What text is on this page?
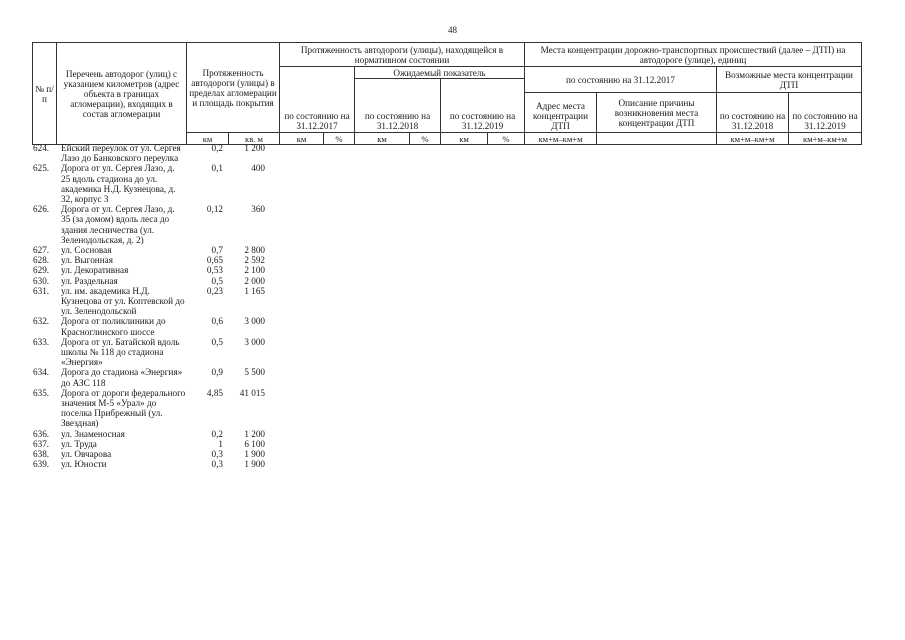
48
№ п/п	Перечень автодорог (улиц) с указанием километров (адрес объекта в границах агломерации), входящих в состав агломерации	Протяженность автодороги (улицы) в пределах агломерации и площадь покрытия		Протяженность автодороги (улицы), находящейся в нормативном состоянии						Места концентрации дорожно-транспортных происшествий (далее – ДТП) на автодороге (улице), единиц			
				по состоянию на 31.12.2017		Ожидаемый показатель				по состоянию на 31.12.2017		Возможные места концентрации ДТП	
						по состоянию на 31.12.2018		по состоянию на 31.12.2019					
										Адрес места концентрации ДТП	Описание причины возникновения места концентрации ДТП	по состоянию на 31.12.2018	по состоянию на 31.12.2019
		км	кв. м	км	%	км	%	км	%	км+м–км+м		км+м–км+м	км+м–км+м
624.	Ейский переулок от ул. Сергея Лазо до Банковского переулка	0,2	1 200
625.	Дорога от ул. Сергея Лазо, д. 25 вдоль стадиона до ул. академика Н.Д. Кузнецова, д. 32, корпус 3	0,1	400
626.	Дорога от ул. Сергея Лазо, д. 35 (за домом) вдоль леса до здания лесничества (ул. Зеленодольская, д. 2)	0,12	360
627.	ул. Сосновая	0,7	2 800
628.	ул. Выгонная	0,65	2 592
629.	ул. Декоративная	0,53	2 100
630.	ул. Раздельная	0,5	2 000
631.	ул. им. академика Н.Д. Кузнецова от ул. Коптевской до ул. Зеленодольской	0,23	1 165
632.	Дорога от поликлиники до Красноглинского шоссе	0,6	3 000
633.	Дорога от ул. Батайской вдоль школы № 118 до стадиона «Энергия»	0,5	3 000
634.	Дорога до стадиона «Энергия» до АЗС 118	0,9	5 500
635.	Дорога от дороги федерального значения М-5 «Урал» до поселка Прибрежный (ул. Звездная)	4,85	41 015
636.	ул. Знаменосная	0,2	1 200
637.	ул. Труда	1	6 100
638.	ул. Овчарова	0,3	1 900
639.	ул. Юности	0,3	1 900
